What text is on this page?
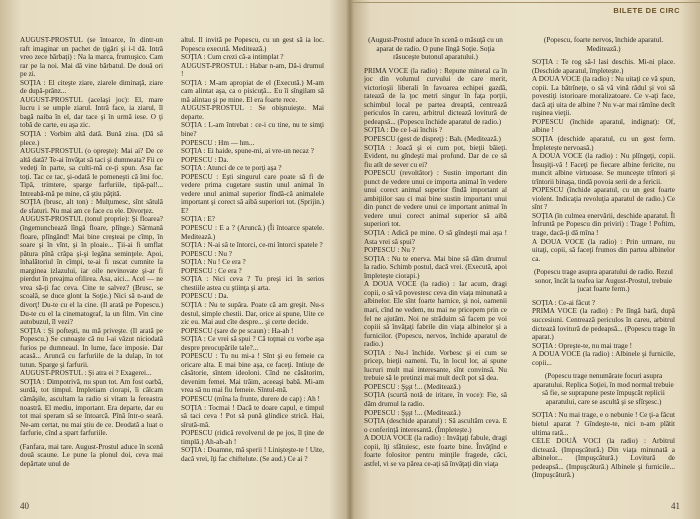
AUGUST-PROSTUL (se întoarce, în dintr-un raft imaginar un pachet de ţigări şi i-l dă. Intră vreo zece bărbaţi) : Na la marca, frumuşico. Cam rar pe la noi. Mai dă vine bărbatul. De două ori pe zi.

SOŢIA : El citeşte ziare, ziarele diminaţă, ziare de după-prânz...

AUGUST-PROSTUL (acelaşi joc): El, mare lucru i se umple ziarul. Intră face, ia ziarul, îl bagă naiba în el, dar tace şi în urmă iese. O ţi tobă de carte, eu aşa zic.

SOŢIA : Vorbim altă dată. Bună ziua. (Dă să plece.)

AUGUST-PROSTUL (o opreşte): Mai ai? De ce altă dată? Te-ai învăţat să taci şi dumneata? Fii ce vedeţi în parte, sa culti-mă ce-ţi spun. Asa fac toţi. Tac ce tac, şi-odată le pomeneşti că îmi foc. Tipă, trimtere, sparge farfuriile, tipă-pal!... Intreabă-mă pe mine, că ştiu păţită.

SOŢIA (brusc, alt ton) : Mulţumesc, sînt sătulă de sfaturi. Nu mai am ce face cu ele. Divorţez.

AUGUST-PROSTUL (tonul proprie): Şi floarea? (îngemunchează lîngă floare, plînge.) Sărmană floare, plîngând! Mai bine creşteai pe cîmp, în soare şi în vînt, şi în ploaie... Ţii-ai fi umflat pătura pînă crăpa şi-şi legăna seminţele. Apoi, înhalătoriul în cîmpi, te-ai fi uscat cumnite la marginea izlazului, iar oile nevinovate şi-ar fi pierdut în preajma ofilirea. Asa, aici... Acel — ne vrea să-ţi fac ceva. Cine te salvez? (Brusc, se scoală, se duce glont la Soţie.) Nici să n-aud de divorţ! Du-te cu el la cine. (Il arată pe Popescu.) Du-te cu el la cinematograf, la un film. Vin cine autobuzul, îl vezi?

SOŢIA : Şi pofteşti, nu mă priveşte. (Il arată pe Popescu.) Se cunoaşte că nu l-ai văzut niciodată furios pe dumneaul. In lume, face imposie. Dar acasă... Aruncă cu farfuriile de la dulap, în tot tutun. Sparge şi farfurii.

AUGUST-PROSTUL : Şi atra ei ? Exagerei...

SOŢIA : Dimpotrivă, nu spun tot. Am fost oarbă, surdă, tot timpul. Impletiam ciorapi, îi călcam cămăşile, ascultam la radio si vitam la fereastra noastră. El mediu, important. Era departe, dar eu tot mai speram să se întoarcă. Pînă într-o seară. Ne-am certat, nu mai ştiu de ce. Deodată a luat o farfurie, cînd a spart farfuriile.

(Fanfara, mai tare. August-Prostul aduce în scenă două scaune. Le pune la plonul doi, ceva mai depărtate unul de

altul. Il invită pe Popescu, cu un gest să ia loc. Popescu execută. Meditează.)

SOŢIA : Cum crezi că-a intimplat ?

AUGUST-PROSTUL : Habar n-am, Dă-i drumul !

SOŢIA : M-am apropiat de el (Execută.) M-am cam alintat aşa, ca o pisicuţă... Eu îi sîngilam să mă alintau şi pe mine. El era foarte rece.

AUGUST-PROSTUL : Se obişnuieşte. Mai departe.

SOŢIA : L-am întrebat : ce-i cu tine, nu te simţi bine?

POPESCU : Hm — hm...

SOŢIA : Ei haide, spune-mi, ai vre-un necaz ?

POPESCU : Da.

SOŢIA : Atunci de ce te porţi aşa ?

POPESCU : Eşti singurul care poate să fi de vedere prima cugetare sustin unul animal în vedere unul animal superior fîndă-că animalele important şi corect să aibă superiori tot. (Sprijin.) E?

SOŢIA : E?

POPESCU : E a ? (Aruncă.) (Îi întoarce spatele. Meditează.)

SOŢIA : N-ai să te întorci, ce-mi întorci spatele ?

POPESCU : Nu ?

SOŢIA : Nu ! Ce era ?

POPESCU : Ce era ?

SOŢIA : Nici ceva ? Tu preşi ici în serios chestiile astea cu ştiinţa şi arta.

POPESCU : Da.

SOŢIA : Nu te supăra. Poate că am greşit. Nu-s destul, simple chestii. Dar, orice ai spune, Uite ce zic eu. Mai aud cîte despre... şi certe decide.

POPESCU (sare de pe scaun) : Ha-ah !

SOŢIA : Ce vrei să spui ? Că toţmai cu vorbe aşa despre preocupările tale?...

POPESCU : Tu nu mi-a ! Sînt şi eu femeie ca oricare alta. E mai bine aşa, ce faceţi. Intiuţe de căsătorie, sîntem ideoloni. Cînd ne căsătorim, devenim femei. Mai trăim, aceeaşi babă. Mi-am vrea să nu mai fiu femeie. Sîntul-mă.

POPESCU (mîna la frunte, durere de cap) : Ah !

SOŢIA : Tocmai ! Dacă te doare capul, e timpul să taci ceva ! Pot să pună glindice strică. Hai, sîrută-mă.

POPESCU (ridică revolverul de pe jos, îl ţine de timplă.) Ah-ah-ah !

SOŢIA : Doamne, mă sperii ! Linişteşte-te ! Uite, dacă vrei, îţi fac chiftelute. (Se aud.) Ce ai ?

40
BILETE DE CIRC

(August-Prostul aduce în scenă o măsuţă cu un aparat de radio. O pune lîngă Soţie. Soţia răsuceşte butonul aparatului.)

PRIMA VOCE (la radio) : Repune mineral ca în joc din volumul curvului de care merit, victorioşii liberali în favoarea echipei gazdă, ratează de la ţoc metri singur în faţa porţii, schimbul local pe partea dreaptă, centrează periculos în careu, arbitrul dictează lovitură de pedeapsă... (Popescu închide aparatul de radio.)

SOŢIA : De ce l-ai închis ?

POPESCU (gest de dispreţ) : Bah. (Meditează.)

SOŢIA : Joacă şi ei cum pot, bieţii băieţi. Evident, nu gîndeşti mai profund. Dar de ce să fiu atît de sever cu ei?

POPESCU (revoltător) : Sustin important din punct de vedere unui ce importa animal în vedere unui corect animal superior fîndă important al ambiţiilor sau ci mai bine sustin important unui din punct de vedere unui ce important animal în vedere unui corect animal superior să aibă superiori tot.

SOŢIA : Adică pe mine. O să gîndeşti mai aşa ! Asta vrei să spui?

POPESCU : Nu ?

SOŢIA : Nu te enerva. Mai bine să dăm drumul la radio. Schimb postul, dacă vrei. (Execută, apoi împletește ciorapi.)

A DOUA VOCE (la radio) : Iar acum, dragi copii, o să vă povestesc ceva din viaţa minunată a albinelor. Ele sînt foarte harnice, şi noi, oamenii mari, cînd ne vedem, nu mai ne pricepem prin ce fel ne ajutăm. Noi ne străduim să facem pe voi copiii să învăţaţi fabrile din viaţa albinelor şi a furnicilor. (Popescu, nervos, închide aparatul de radio.)

SOŢIA : Nu-l închide. Vorbesc şi ei cum se pricep, bieţii oameni. Tu, în locul lor, ai spune lucruri mult mai interesante, sînt convinsă. Nu trebuie să le pretinzi mai mult decît pot să dea.

POPESCU : Şşşt !... (Meditează.)

SOŢIA (scurtă notă de iritare, în voce): Fie, să dăm drumul la radio.

POPESCU : Şşşt !... (Meditează.)

SOŢIA (deschide aparatul) : Să ascultăm ceva. E o conferinţă interesantă. (Împletește.)

A DOUA VOCE (la radio) : Invăţaţi fabule, dragi copii, îţi sfătuiesc, este foarte bine. Învăţînd e foarte folositor pentru minţile fragede, căci, astfel, vi se va părea ce-aţi să învăţaţi din viaţa

(Popescu, foarte nervos, închide aparatul. Meditează.)

SOŢIA : Te rog să-l lasi deschis. Mi-ni place. (Deschide aparatul, împletește.)

A DOUA VOCE (la radio) : Nu uitaţi ce vă spun, copii. La bătrîneţe, o să vă vină râdul şi voi să povestiţi istorioare moralizatoare. Ce v-aţi face, dacă aţi uita de albine ? Nu v-ar mai rămîne decît ruşinea vieţii.

POPESCU (închide aparatul, indignat): Of, albine !

SOŢIA (deschide aparatul, cu un gest ferm. Împletește nervoasă.)

A DOUA VOCE (la radio) : Nu plîngeţi, copii. Însuşiţi-vă ! Faceţi pe fiecare albine fericite, nu muncit albine virtuoase. Se munceşte trîntori și trîntorii binaşa, tindă povoia serii de a fericii.

POPESCU (închide aparatul, cu un gest foarte violent. Indicaţia revoluţia aparatul de radio.) Ce sînt ?

SOŢIA (în culmea enervării, deschide aparatul. Îl înfruntă pe Popescu din priviri) : Trage ! Poftim, trage, dacă-ţi dă mîna !

A DOUA VOCE (la radio) : Prin urmare, nu uitaţi, copii, să faceţi frumos din partea albinelor ca.

(Popescu trage asupra aparatului de radio. Rezul sonor, încât la teafea iar August-Prostul, trebuie jucat foarte ferm.)

SOŢIA : Ce-ai făcut ?

PRIMA VOCE (la radio) : Pe lîngă bară, după succesiuni. Centrează periculos în careu, arbitrul dictează lovitură de pedeapsă... (Popescu trage în aparat.)

SOŢIA : Opreşte-te, nu mai trage !

A DOUA VOCE (la radio) : Albinele şi furnicile, copii...

(Popescu trage nenumărate focuri asupra aparatului. Replica Soţiei, în mod normal trebuie să fie, se suprapune peste împuşcăt replicii aparatului, care se ascultă şi se sfîrşesc.)

SOŢIA : Nu mai trage, e o nebunie ! Ce ţi-a făcut bietul aparat ? Gîndeşte-te, nici n-am plătit ultima rată...

CELE DOUĂ VOCI (la radio) : Arbitrul dictează. (Impuşcătură.) Din viaţa minunată a albinelor... (Impuşcătură.) Lovitură de pedeapsă... (Impuşcătură.) Albinele şi furnicile... (Impuşcătură.)

41
